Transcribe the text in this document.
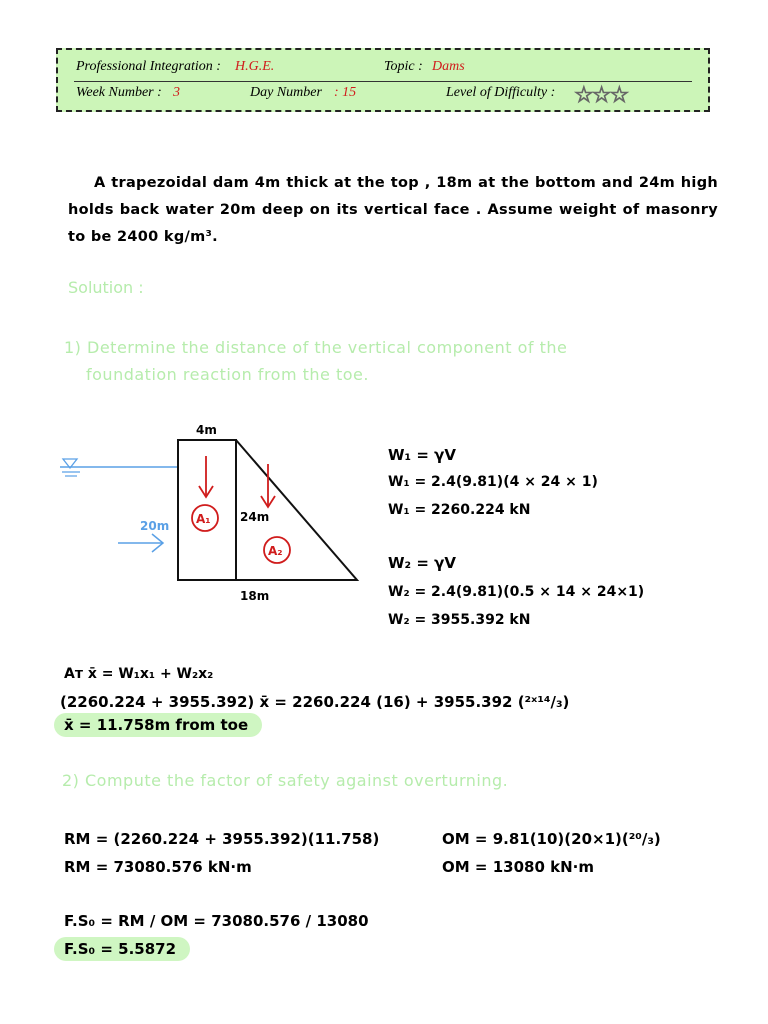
Professional Integration : H.G.E.	Topic : Dams
Week Number : 3	Day Number : 15	Level of Difficulty : ☆☆☆
A trapezoidal dam 4m thick at the top , 18m at the bottom and 24m high holds back water 20m deep on its vertical face . Assume weight of masonry to be 2400 kg/m³.
Solution :
1) Determine the distance of the vertical component of the
foundation reaction from the toe.
4m
18m
24m
20m A₁
A₂
W₁ = γV
W₁ = 2.4(9.81)(4 × 24 × 1)
W₁ = 2260.224 kN
W₂ = γV
W₂ = 2.4(9.81)(0.5 × 14 × 24×1)
W₂ = 3955.392 kN
Aᴛ x̄ = W₁x₁ + W₂x₂
(2260.224 + 3955.392) x̄ = 2260.224 (16) + 3955.392 (²ˣ¹⁴/₃)
x̄ = 11.758m from toe
2) Compute the factor of safety against overturning.
RM = (2260.224 + 3955.392)(11.758)
RM = 73080.576 kN·m
OM = 9.81(10)(20×1)(²⁰/₃)
OM = 13080 kN·m
F.S₀ = RM / OM = 73080.576 / 13080
F.S₀ = 5.5872
